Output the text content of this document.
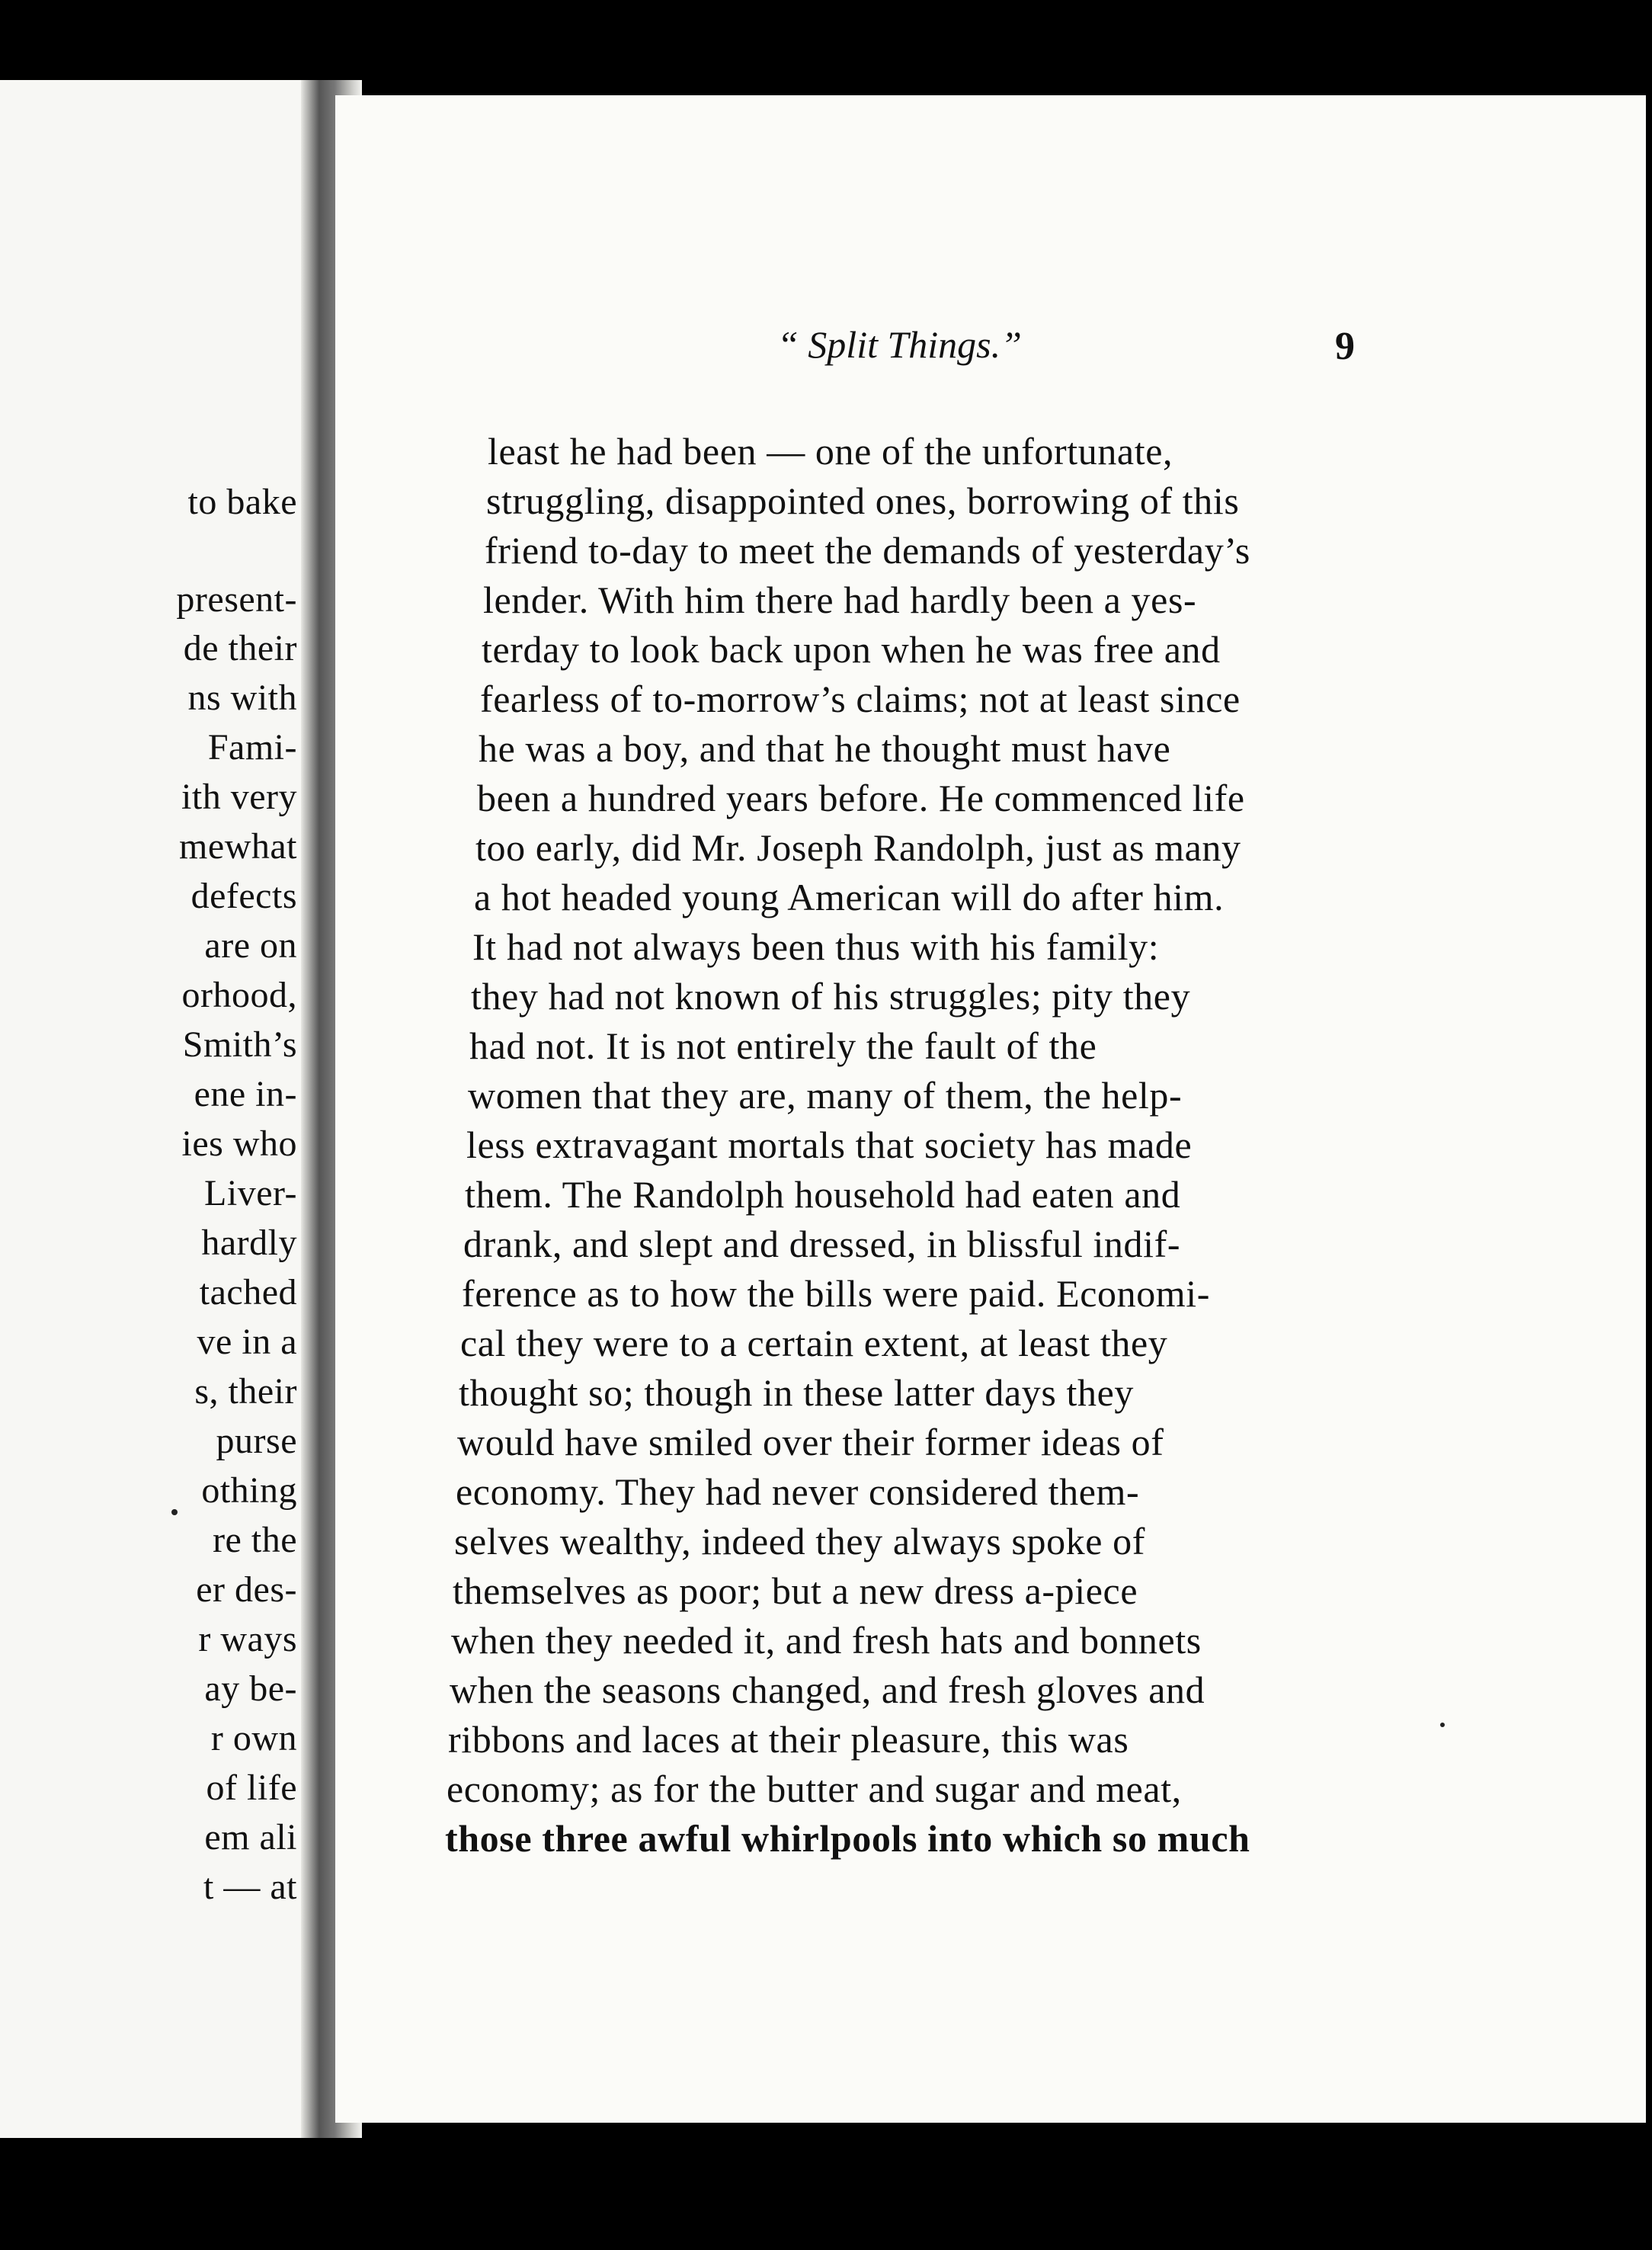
to bake
present-
de their
ns with
Fami-
ith very
mewhat
defects
are on
orhood,
Smith’s
ene in-
ies who
Liver-
hardly
tached
ve in a
s, their
purse
othing
re the
er des-
r ways
ay be-
r own
of life
em ali
t — at
“ Split Things.”	9
least he had been — one of the unfortunate,
struggling, disappointed ones, borrowing of this
friend to-day to meet the demands of yesterday’s
lender. With him there had hardly been a yes-
terday to look back upon when he was free and
fearless of to-morrow’s claims; not at least since
he was a boy, and that he thought must have
been a hundred years before. He commenced life
too early, did Mr. Joseph Randolph, just as many
a hot headed young American will do after him.
It had not always been thus with his family:
they had not known of his struggles; pity they
had not. It is not entirely the fault of the
women that they are, many of them, the help-
less extravagant mortals that society has made
them. The Randolph household had eaten and
drank, and slept and dressed, in blissful indif-
ference as to how the bills were paid. Economi-
cal they were to a certain extent, at least they
thought so; though in these latter days they
would have smiled over their former ideas of
economy. They had never considered them-
selves wealthy, indeed they always spoke of
themselves as poor; but a new dress a-piece
when they needed it, and fresh hats and bonnets
when the seasons changed, and fresh gloves and
ribbons and laces at their pleasure, this was
economy; as for the butter and sugar and meat,
those three awful whirlpools into which so much
